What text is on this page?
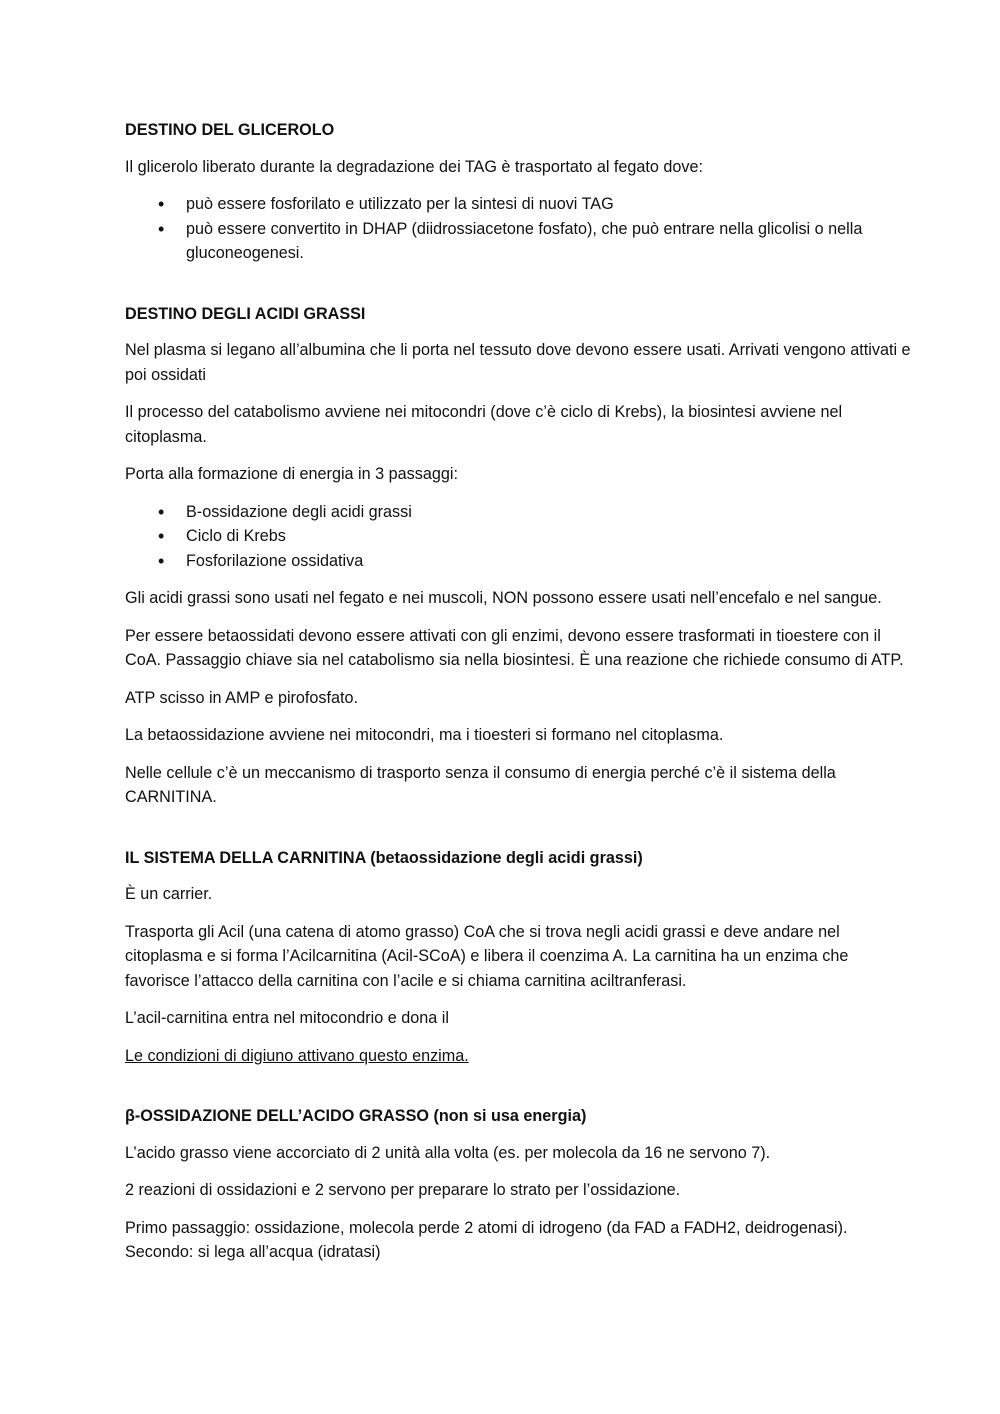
DESTINO DEL GLICEROLO

Il glicerolo liberato durante la degradazione dei TAG è trasportato al fegato dove:

• può essere fosforilato e utilizzato per la sintesi di nuovi TAG
• può essere convertito in DHAP (diidrossiacetone fosfato), che può entrare nella glicolisi o nella gluconeogenesi.
DESTINO DEGLI ACIDI GRASSI

Nel plasma si legano all’albumina che li porta nel tessuto dove devono essere usati. Arrivati vengono attivati e poi ossidati

Il processo del catabolismo avviene nei mitocondri (dove c’è ciclo di Krebs), la biosintesi avviene nel citoplasma.

Porta alla formazione di energia in 3 passaggi:

• B-ossidazione degli acidi grassi
• Ciclo di Krebs
• Fosforilazione ossidativa

Gli acidi grassi sono usati nel fegato e nei muscoli, NON possono essere usati nell’encefalo e nel sangue.

Per essere betaossidati devono essere attivati con gli enzimi, devono essere trasformati in tioestere con il CoA. Passaggio chiave sia nel catabolismo sia nella biosintesi. È una reazione che richiede consumo di ATP.

ATP scisso in AMP e pirofosfato.

La betaossidazione avviene nei mitocondri, ma i tioesteri si formano nel citoplasma.

Nelle cellule c’è un meccanismo di trasporto senza il consumo di energia perché c’è il sistema della CARNITINA.

IL SISTEMA DELLA CARNITINA (betaossidazione degli acidi grassi)

È un carrier.

Trasporta gli Acil (una catena di atomo grasso) CoA che si trova negli acidi grassi e deve andare nel citoplasma e si forma l’Acilcarnitina (Acil-SCoA) e libera il coenzima A. La carnitina ha un enzima che favorisce l’attacco della carnitina con l’acile e si chiama carnitina aciltranferasi.

L’acil-carnitina entra nel mitocondrio e dona il

Le condizioni di digiuno attivano questo enzima.

β-OSSIDAZIONE DELL’ACIDO GRASSO (non si usa energia)

L’acido grasso viene accorciato di 2 unità alla volta (es. per molecola da 16 ne servono 7).

2 reazioni di ossidazioni e 2 servono per preparare lo strato per l’ossidazione.

Primo passaggio: ossidazione, molecola perde 2 atomi di idrogeno (da FAD a FADH2, deidrogenasi).
Secondo: si lega all’acqua (idratasi)
